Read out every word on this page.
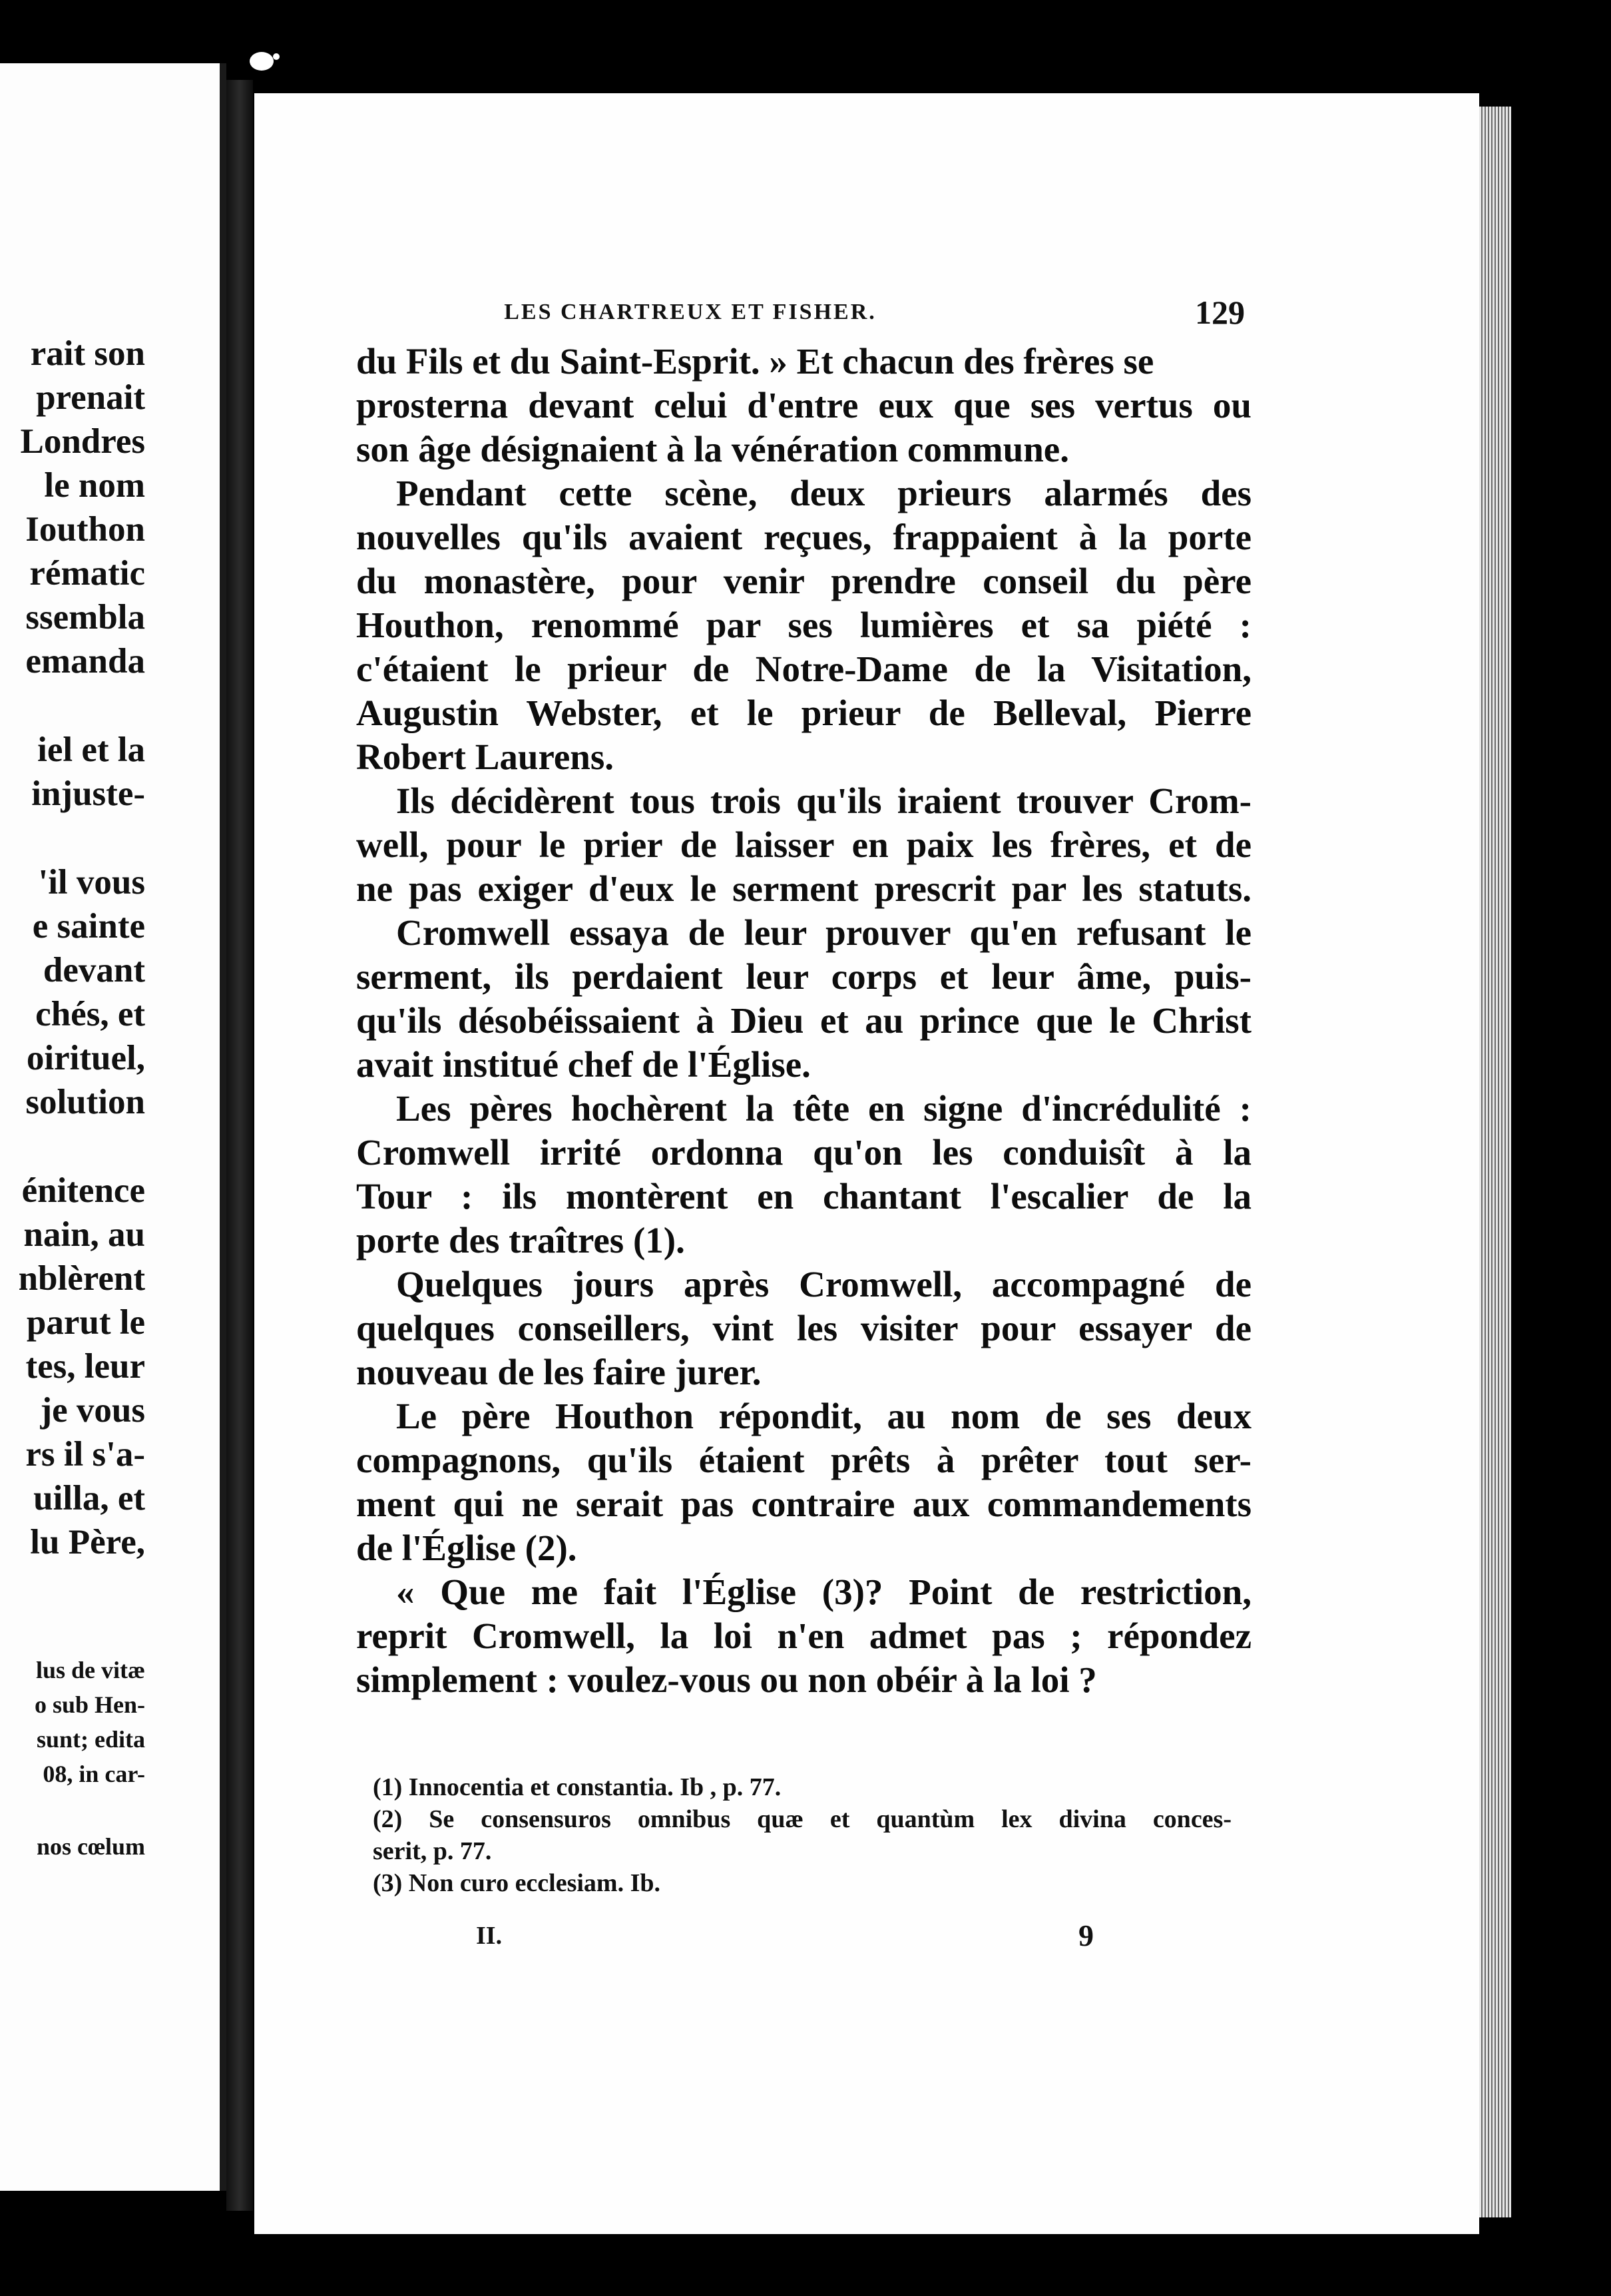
rait son
prenait
Londres
le nom
Iouthon
rématic
ssembla
emanda
iel et la
injuste-
'il vous
e sainte
devant
chés, et
oirituel,
solution
énitence
nain, au
nblèrent
parut le
tes, leur
je vous
rs il s'a-
uilla, et
lu Père,
lus de vitæ
o sub Hen-
sunt; edita
08, in car-
nos cœlum
LES CHARTREUX ET FISHER.	129
du Fils et du Saint-Esprit. » Et chacun des frères se
prosterna devant celui d'entre eux que ses vertus ou
son âge désignaient à la vénération commune.
Pendant cette scène, deux prieurs alarmés des
nouvelles qu'ils avaient reçues, frappaient à la porte
du monastère, pour venir prendre conseil du père
Houthon, renommé par ses lumières et sa piété :
c'étaient le prieur de Notre-Dame de la Visitation,
Augustin Webster, et le prieur de Belleval, Pierre
Robert Laurens.
Ils décidèrent tous trois qu'ils iraient trouver Crom-
well, pour le prier de laisser en paix les frères, et de
ne pas exiger d'eux le serment prescrit par les statuts.
Cromwell essaya de leur prouver qu'en refusant le
serment, ils perdaient leur corps et leur âme, puis-
qu'ils désobéissaient à Dieu et au prince que le Christ
avait institué chef de l'Église.
Les pères hochèrent la tête en signe d'incrédulité :
Cromwell irrité ordonna qu'on les conduisît à la
Tour : ils montèrent en chantant l'escalier de la
porte des traîtres (1).
Quelques jours après Cromwell, accompagné de
quelques conseillers, vint les visiter pour essayer de
nouveau de les faire jurer.
Le père Houthon répondit, au nom de ses deux
compagnons, qu'ils étaient prêts à prêter tout ser-
ment qui ne serait pas contraire aux commandements
de l'Église (2).
« Que me fait l'Église (3)? Point de restriction,
reprit Cromwell, la loi n'en admet pas ; répondez
simplement : voulez-vous ou non obéir à la loi ?
(1) Innocentia et constantia. Ib , p. 77.
(2) Se consensuros omnibus quæ et quantùm lex divina conces-
serit, p. 77.
(3) Non curo ecclesiam. Ib.
II.	9
